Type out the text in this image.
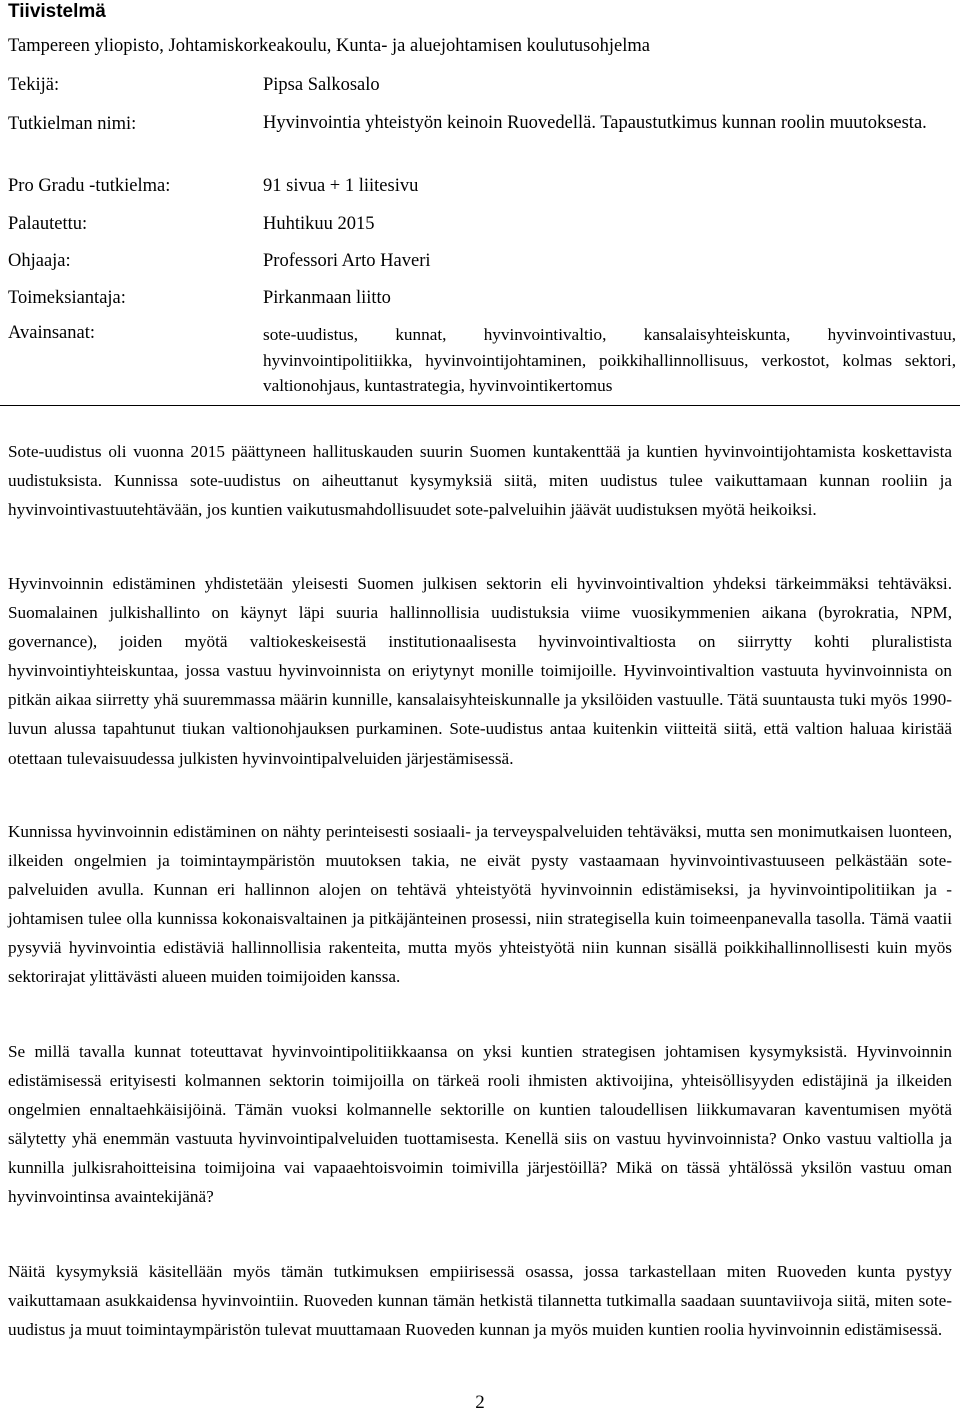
Tiivistelmä
Tampereen yliopisto, Johtamiskorkeakoulu, Kunta- ja aluejohtamisen koulutusohjelma
Tekijä:	Pipsa Salkosalo
Tutkielman nimi:	Hyvinvointia yhteistyön keinoin Ruovedellä. Tapaustutkimus kunnan roolin muutoksesta.
Pro Gradu -tutkielma:	91 sivua + 1 liitesivu
Palautettu:	Huhtikuu 2015
Ohjaaja:	Professori Arto Haveri
Toimeksiantaja:	Pirkanmaan liitto
Avainsanat:	sote-uudistus, kunnat, hyvinvointivaltio, kansalaisyhteiskunta, hyvinvointivastuu, hyvinvointipolitiikka, hyvinvointijohtaminen, poikkihallinnollisuus, verkostot, kolmas sektori, valtionohjaus, kuntastrategia, hyvinvointikertomus

Sote-uudistus oli vuonna 2015 päättyneen hallituskauden suurin Suomen kuntakenttää ja kuntien hyvinvointijohtamista koskettavista uudistuksista. Kunnissa sote-uudistus on aiheuttanut kysymyksiä siitä, miten uudistus tulee vaikuttamaan kunnan rooliin ja hyvinvointivastuutehtävään, jos kuntien vaikutusmahdollisuudet sote-palveluihin jäävät uudistuksen myötä heikoiksi.

Hyvinvoinnin edistäminen yhdistetään yleisesti Suomen julkisen sektorin eli hyvinvointivaltion yhdeksi tärkeimmäksi tehtäväksi. Suomalainen julkishallinto on käynyt läpi suuria hallinnollisia uudistuksia viime vuosikymmenien aikana (byrokratia, NPM, governance), joiden myötä valtiokeskeisestä institutionaalisesta hyvinvointivaltiosta on siirrytty kohti pluralistista hyvinvointiyhteiskuntaa, jossa vastuu hyvinvoinnista on eriytynyt monille toimijoille. Hyvinvointivaltion vastuuta hyvinvoinnista on pitkän aikaa siirretty yhä suuremmassa määrin kunnille, kansalaisyhteiskunnalle ja yksilöiden vastuulle. Tätä suuntausta tuki myös 1990-luvun alussa tapahtunut tiukan valtionohjauksen purkaminen. Sote-uudistus antaa kuitenkin viitteitä siitä, että valtion haluaa kiristää otettaan tulevaisuudessa julkisten hyvinvointipalveluiden järjestämisessä.

Kunnissa hyvinvoinnin edistäminen on nähty perinteisesti sosiaali- ja terveyspalveluiden tehtäväksi, mutta sen monimutkaisen luonteen, ilkeiden ongelmien ja toimintaympäristön muutoksen takia, ne eivät pysty vastaamaan hyvinvointivastuuseen pelkästään sote-palveluiden avulla. Kunnan eri hallinnon alojen on tehtävä yhteistyötä hyvinvoinnin edistämiseksi, ja hyvinvointipolitiikan ja -johtamisen tulee olla kunnissa kokonaisvaltainen ja pitkäjänteinen prosessi, niin strategisella kuin toimeenpanevalla tasolla. Tämä vaatii pysyviä hyvinvointia edistäviä hallinnollisia rakenteita, mutta myös yhteistyötä niin kunnan sisällä poikkihallinnollisesti kuin myös sektorirajat ylittävästi alueen muiden toimijoiden kanssa.

Se millä tavalla kunnat toteuttavat hyvinvointipolitiikkaansa on yksi kuntien strategisen johtamisen kysymyksistä. Hyvinvoinnin edistämisessä erityisesti kolmannen sektorin toimijoilla on tärkeä rooli ihmisten aktivoijina, yhteisöllisyyden edistäjinä ja ilkeiden ongelmien ennaltaehkäisijöinä. Tämän vuoksi kolmannelle sektorille on kuntien taloudellisen liikkumavaran kaventumisen myötä sälytetty yhä enemmän vastuuta hyvinvointipalveluiden tuottamisesta. Kenellä siis on vastuu hyvinvoinnista? Onko vastuu valtiolla ja kunnilla julkisrahoitteisina toimijoina vai vapaaehtoisvoimin toimivilla järjestöillä? Mikä on tässä yhtälössä yksilön vastuu oman hyvinvointinsa avaintekijänä?

Näitä kysymyksiä käsitellään myös tämän tutkimuksen empiirisessä osassa, jossa tarkastellaan miten Ruoveden kunta pystyy vaikuttamaan asukkaidensa hyvinvointiin. Ruoveden kunnan tämän hetkistä tilannetta tutkimalla saadaan suuntaviivoja siitä, miten sote-uudistus ja muut toimintaympäristön tulevat muuttamaan Ruoveden kunnan ja myös muiden kuntien roolia hyvinvoinnin edistämisessä.

2
